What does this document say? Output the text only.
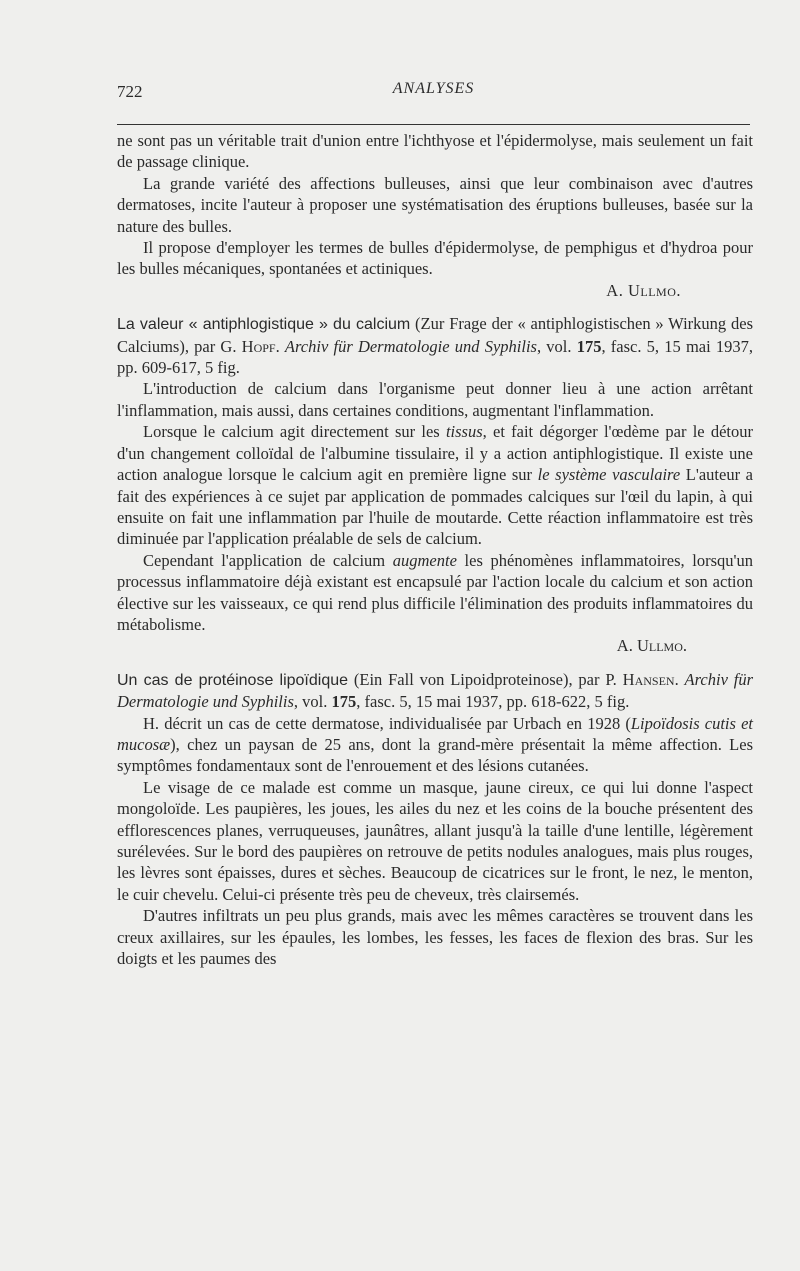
722	ANALYSES

ne sont pas un véritable trait d'union entre l'ichthyose et l'épidermolyse, mais seulement un fait de passage clinique.

La grande variété des affections bulleuses, ainsi que leur combinaison avec d'autres dermatoses, incite l'auteur à proposer une systématisation des éruptions bulleuses, basée sur la nature des bulles.

Il propose d'employer les termes de bulles d'épidermolyse, de pemphigus et d'hydroa pour les bulles mécaniques, spontanées et actiniques.

A. Ullmo.

La valeur « antiphlogistique » du calcium (Zur Frage der « antiphlogistischen » Wirkung des Calciums), par G. Hopf. Archiv für Dermatologie und Syphilis, vol. 175, fasc. 5, 15 mai 1937, pp. 609-617, 5 fig.

L'introduction de calcium dans l'organisme peut donner lieu à une action arrêtant l'inflammation, mais aussi, dans certaines conditions, augmentant l'inflammation.

Lorsque le calcium agit directement sur les tissus, et fait dégorger l'œdème par le détour d'un changement colloïdal de l'albumine tissulaire, il y a action antiphlogistique. Il existe une action analogue lorsque le calcium agit en première ligne sur le système vasculaire L'auteur a fait des expériences à ce sujet par application de pommades calciques sur l'œil du lapin, à qui ensuite on fait une inflammation par l'huile de moutarde. Cette réaction inflammatoire est très diminuée par l'application préalable de sels de calcium.

Cependant l'application de calcium augmente les phénomènes inflammatoires, lorsqu'un processus inflammatoire déjà existant est encapsulé par l'action locale du calcium et son action élective sur les vaisseaux, ce qui rend plus difficile l'élimination des produits inflammatoires du métabolisme.

A. Ullmo.

Un cas de protéinose lipoïdique (Ein Fall von Lipoidproteinose), par P. Hansen. Archiv für Dermatologie und Syphilis, vol. 175, fasc. 5, 15 mai 1937, pp. 618-622, 5 fig.

H. décrit un cas de cette dermatose, individualisée par Urbach en 1928 (Lipoïdosis cutis et mucosæ), chez un paysan de 25 ans, dont la grand-mère présentait la même affection. Les symptômes fondamentaux sont de l'enrouement et des lésions cutanées.

Le visage de ce malade est comme un masque, jaune cireux, ce qui lui donne l'aspect mongoloïde. Les paupières, les joues, les ailes du nez et les coins de la bouche présentent des efflorescences planes, verruqueuses, jaunâtres, allant jusqu'à la taille d'une lentille, légèrement surélevées. Sur le bord des paupières on retrouve de petits nodules analogues, mais plus rouges, les lèvres sont épaisses, dures et sèches. Beaucoup de cicatrices sur le front, le nez, le menton, le cuir chevelu. Celui-ci présente très peu de cheveux, très clairsemés.

D'autres infiltrats un peu plus grands, mais avec les mêmes caractères se trouvent dans les creux axillaires, sur les épaules, les lombes, les fesses, les faces de flexion des bras. Sur les doigts et les paumes des
